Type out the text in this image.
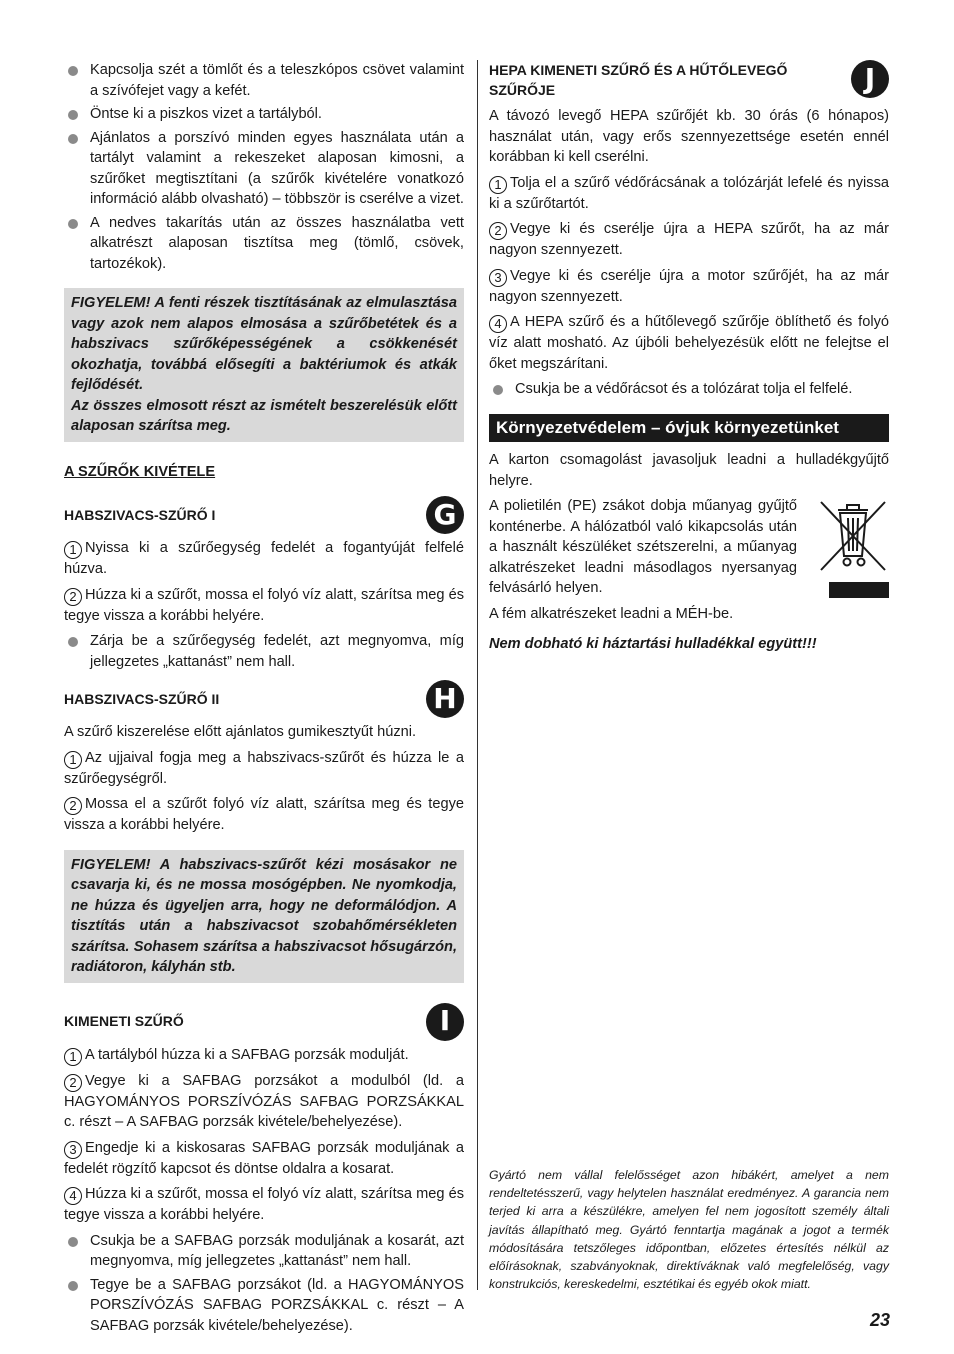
Kapcsolja szét a tömlőt és a teleszkópos csövet valamint a szívófejet vagy a kefét.
Öntse ki a piszkos vizet a tartályból.
Ajánlatos a porszívó minden egyes használata után a tartályt valamint a rekeszeket alaposan kimosni, a szűrőket megtisztítani (a szűrők kivételére vonatkozó információ alább olvasható) – többször is cserélve a vizet.
A nedves takarítás után az összes használatba vett alkatrészt alaposan tisztítsa meg (tömlő, csövek, tartozékok).
FIGYELEM! A fenti részek tisztításának az elmulasztása vagy azok nem alapos elmosása a szűrőbetétek és a habszivacs szűrőképességének a csökkenését okozhatja, továbbá elősegíti a baktériumok és atkák fejlődését.
Az összes elmosott részt az ismételt beszerelésük előtt alaposan szárítsa meg.
A SZŰRŐK KIVÉTELE
HABSZIVACS-SZŰRŐ I	G

1 Nyissa ki a szűrőegység fedelét a fogantyúját felfelé húzva.

2 Húzza ki a szűrőt, mossa el folyó víz alatt, szárítsa meg és tegye vissza a korábbi helyére.

Zárja be a szűrőegység fedelét, azt megnyomva, míg jellegzetes „kattanást” nem hall.
HABSZIVACS-SZŰRŐ II	H

A szűrő kiszerelése előtt ajánlatos gumikesztyűt húzni.

1 Az ujjaival fogja meg a habszivacs-szűrőt és húzza le a szűrőegységről.

2 Mossa el a szűrőt folyó víz alatt, szárítsa meg és tegye vissza a korábbi helyére.

FIGYELEM! A habszivacs-szűrőt kézi mosásakor ne csavarja ki, és ne mossa mosógépben. Ne nyomkodja, ne húzza és ügyeljen arra, hogy ne deformálódjon. A tisztítás után a habszivacsot szobahőmérsékleten szárítsa. Sohasem szárítsa a habszivacsot hősugárzón, radiátoron, kályhán stb.
KIMENETI SZŰRŐ	I

1 A tartályból húzza ki a SAFBAG porzsák modulját.

2 Vegye ki a SAFBAG porzsákot a modulból (ld. a HAGYOMÁNYOS PORSZÍVÓZÁS SAFBAG PORZSÁKKAL c. részt – A SAFBAG porzsák kivétele/behelyezése).

3 Engedje ki a kiskosaras SAFBAG porzsák moduljának a fedelét rögzítő kapcsot és döntse oldalra a kosarat.

4 Húzza ki a szűrőt, mossa el folyó víz alatt, szárítsa meg és tegye vissza a korábbi helyére.

Csukja be a SAFBAG porzsák moduljának a kosarát, azt megnyomva, míg jellegzetes „kattanást” nem hall.
Tegye be a SAFBAG porzsákot (ld. a HAGYOMÁNYOS PORSZÍVÓZÁS SAFBAG PORZSÁKKAL c. részt – A SAFBAG porzsák kivétele/behelyezése).
HEPA KIMENETI SZŰRŐ ÉS A HŰTŐLEVEGŐ SZŰRŐJE	J

A távozó levegő HEPA szűrőjét kb. 30 órás (6 hónapos) használat után, vagy erős szennyezettsége esetén ennél korábban ki kell cserélni.

1 Tolja el a szűrő védőrácsának a tolózárját lefelé és nyissa ki a szűrőtartót.

2 Vegye ki és cserélje újra a HEPA szűrőt, ha az már nagyon szennyezett.

3 Vegye ki és cserélje újra a motor szűrőjét, ha az már nagyon szennyezett.

4 A HEPA szűrő és a hűtőlevegő szűrője öblíthető és folyó víz alatt mosható. Az újbóli behelyezésük előtt ne felejtse el őket megszárítani.

Csukja be a védőrácsot és a tolózárat tolja el felfelé.
Környezetvédelem – óvjuk környezetünket

A karton csomagolást javasoljuk leadni a hulladékgyűjtő helyre.

A polietilén (PE) zsákot dobja műanyag gyűjtő konténerbe. A hálózatból való kikapcsolás után a használt készüléket szétszerelni, a műanyag alkatrészeket leadni másodlagos nyersanyag felvásárló helyen.

A fém alkatrészeket leadni a MÉH-be.

Nem dobható ki háztartási hulladékkal együtt!!!

Gyártó nem vállal felelősséget azon hibákért, amelyet a nem rendeltetésszerű, vagy helytelen használat eredményez. A garancia nem terjed ki arra a készülékre, amelyen fel nem jogosított személy általi javítás állapítható meg. Gyártó fenntartja magának a jogot a termék módosítására tetszőleges időpontban, előzetes értesítés nélkül az előírásoknak, szabványoknak, direktíváknak való megfelelőség, vagy konstrukciós, kereskedelmi, esztétikai és egyéb okok miatt.
23
